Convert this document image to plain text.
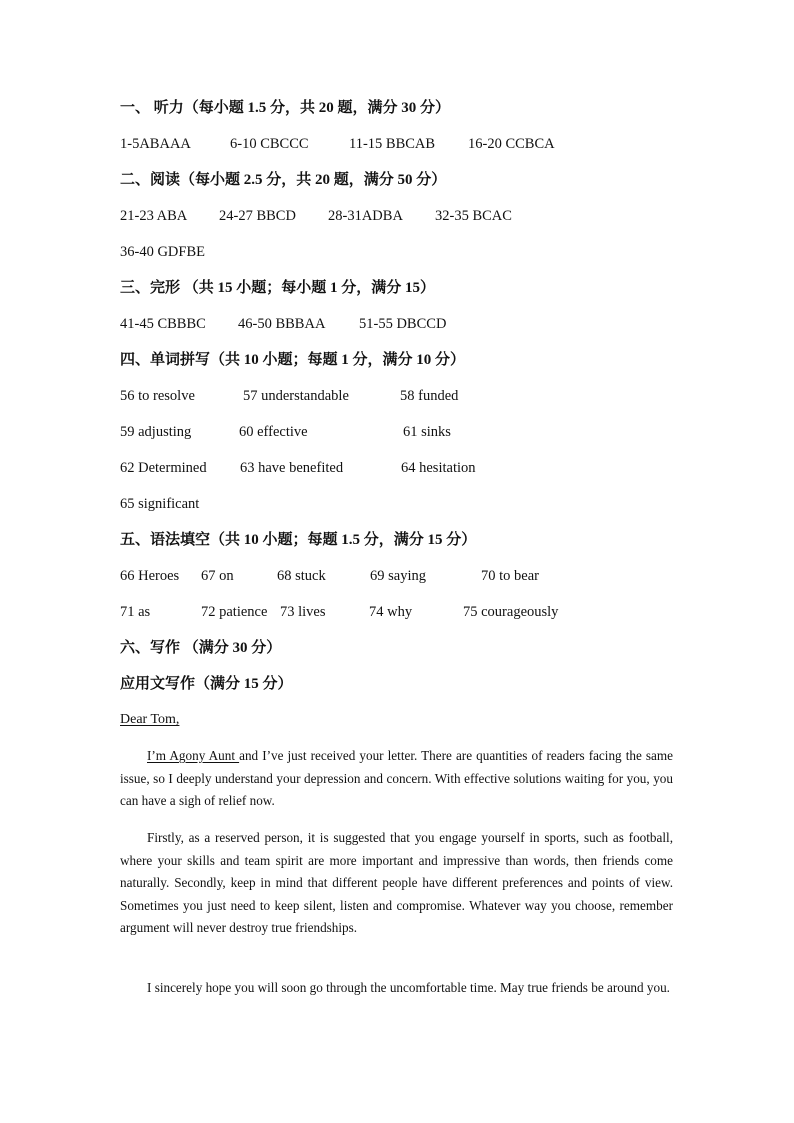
一、 听力（每小题 1.5 分，共 20 题，满分 30 分）
1-5ABAAA	6-10 CBCCC	11-15 BBCAB 16-20 CCBCA
二、阅读（每小题 2.5 分，共 20 题，满分 50 分）
21-23 ABA 24-27 BBCD 28-31ADBA 32-35 BCAC
36-40 GDFBE
三、完形 （共 15 小题；每小题 1 分，满分 15）
41-45 CBBBC 46-50 BBBAA 51-55 DBCCD
四、单词拼写（共 10 小题；每题 1 分，满分 10 分）
56 to resolve	57 understandable	58 funded
59 adjusting	60 effective	61 sinks
62 Determined 63 have benefited	64 hesitation
65 significant
五、语法填空（共 10 小题；每题 1.5 分，满分 15 分）
66 Heroes 67 on	68 stuck	69 saying	70 to bear
71 as	72 patience 73 lives	74 why	75 courageously
六、写作 （满分 30 分）
应用文写作（满分 15 分）
Dear Tom,
I’m Agony Aunt and I’ve just received your letter. There are quantities of readers facing the same issue, so I deeply understand your depression and concern. With effective solutions waiting for you, you can have a sigh of relief now.
Firstly, as a reserved person, it is suggested that you engage yourself in sports, such as football, where your skills and team spirit are more important and impressive than words, then friends come naturally. Secondly, keep in mind that different people have different preferences and points of view. Sometimes you just need to keep silent, listen and compromise. Whatever way you choose, remember argument will never destroy true friendships.
I sincerely hope you will soon go through the uncomfortable time. May true friends be around you.
